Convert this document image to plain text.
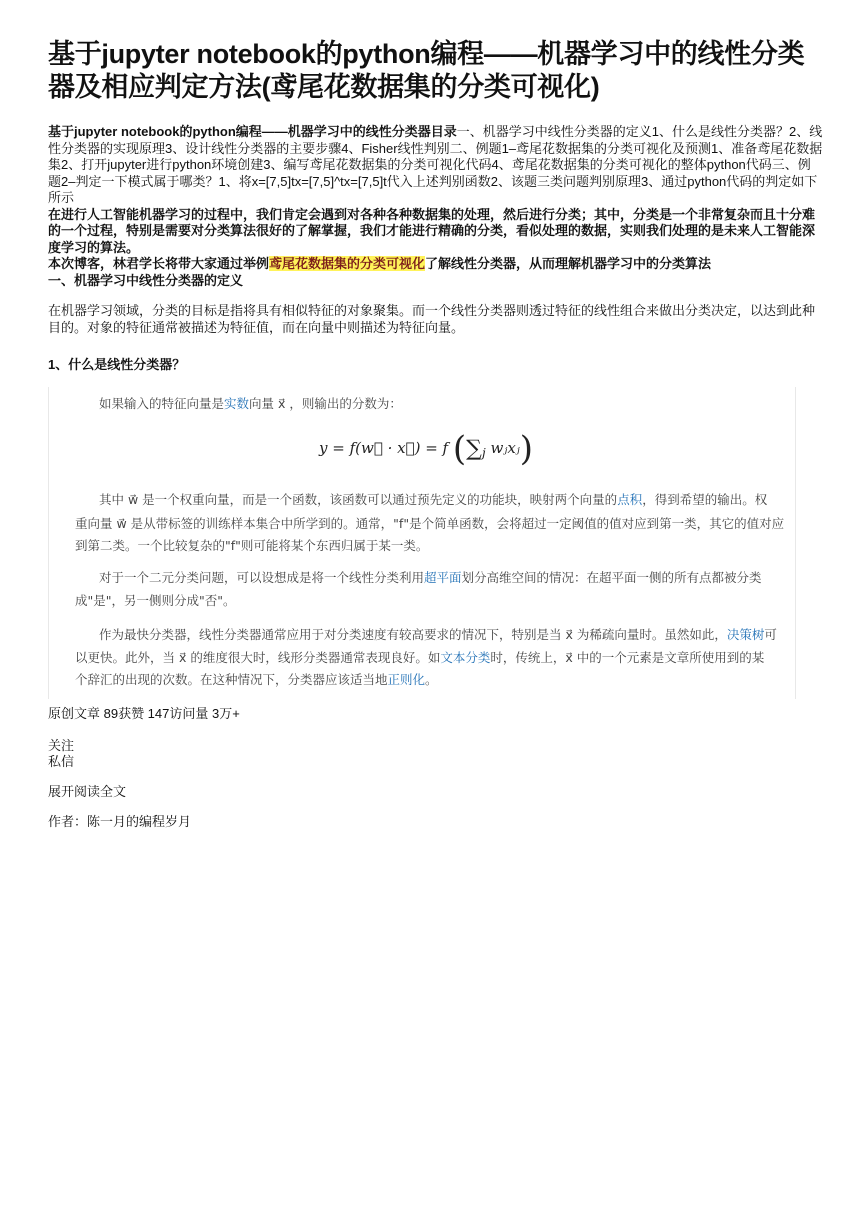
基于jupyter notebook的python编程——机器学习中的线性分类器及相应判定方法(鸢尾花数据集的分类可视化)

基于jupyter notebook的python编程——机器学习中的线性分类器目录一、机器学习中线性分类器的定义1、什么是线性分类器？2、线性分类器的实现原理3、设计线性分类器的主要步骤4、Fisher线性判别二、例题1–鸢尾花数据集的分类可视化及预测1、准备鸢尾花数据集2、打开jupyter进行python环境创建3、编写鸢尾花数据集的分类可视化代码4、鸢尾花数据集的分类可视化的整体python代码三、例题2–判定一下模式属于哪类？1、将x=[7,5]tx=[7,5]^tx=[7,5]t代入上述判别函数2、该题三类问题判别原理3、通过python代码的判定如下所示

在进行人工智能机器学习的过程中，我们肯定会遇到对各种各种数据集的处理，然后进行分类；其中，分类是一个非常复杂而且十分难的一个过程，特别是需要对分类算法很好的了解掌握，我们才能进行精确的分类，看似处理的数据，实则我们处理的是未来人工智能深度学习的算法。

本次博客，林君学长将带大家通过举例鸢尾花数据集的分类可视化了解线性分类器，从而理解机器学习中的分类算法

一、机器学习中线性分类器的定义

在机器学习领域，分类的目标是指将具有相似特征的对象聚集。而一个线性分类器则透过特征的线性组合来做出分类决定，以达到此种目的。对象的特征通常被描述为特征值，而在向量中则描述为特征向量。

1、什么是线性分类器？

如果输入的特征向量是实数向量 x⃗ ，则输出的分数为：

y = f(w⃗ · x⃗) = f ($\sum_j$ wⱼxⱼ)

其中 w⃗ 是一个权重向量，而是一个函数，该函数可以通过预先定义的功能块，映射两个向量的点积，得到希望的输出。权

重向量 w⃗ 是从带标签的训练样本集合中所学到的。通常，"f"是个简单函数，会将超过一定阈值的值对应到第一类，其它的值对应

到第二类。一个比较复杂的"f"则可能将某个东西归属于某一类。

对于一个二元分类问题，可以设想成是将一个线性分类利用超平面划分高维空间的情况：在超平面一侧的所有点都被分类

成"是"，另一侧则分成"否"。

作为最快分类器，线性分类器通常应用于对分类速度有较高要求的情况下，特别是当 x⃗ 为稀疏向量时。虽然如此，决策树可

以更快。此外，当 x⃗ 的维度很大时，线形分类器通常表现良好。如文本分类时，传统上，x⃗ 中的一个元素是文章所使用到的某

个辞汇的出现的次数。在这种情况下，分类器应该适当地正则化。

原创文章 89获赞 147访问量 3万+

关注

私信

展开阅读全文

作者：陈一月的编程岁月
